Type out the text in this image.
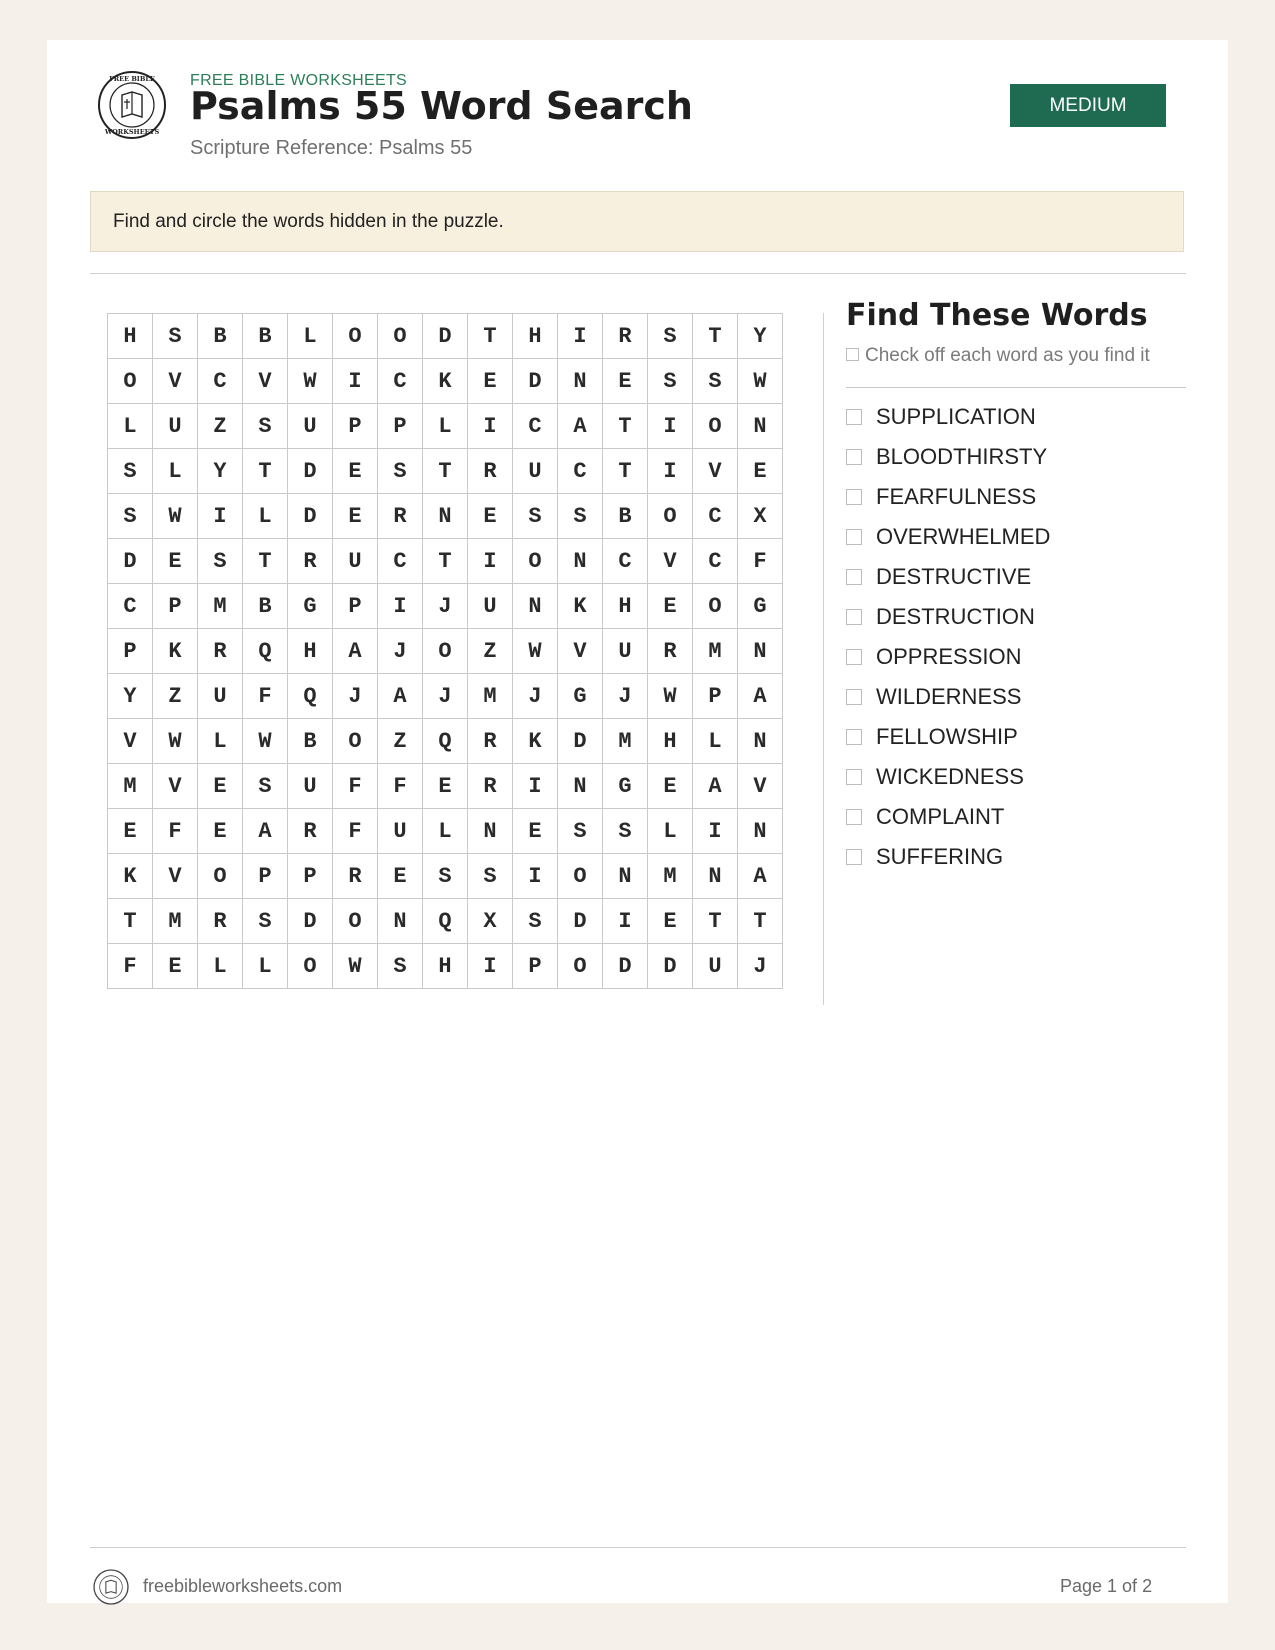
FREE BIBLE
WORKSHEETS
FREE BIBLE WORKSHEETS
Psalms 55 Word Search
Scripture Reference: Psalms 55
MEDIUM
Find and circle the words hidden in the puzzle.
H	S	B	B	L	O	O	D	T	H	I	R	S	T	Y
O	V	C	V	W	I	C	K	E	D	N	E	S	S	W
L	U	Z	S	U	P	P	L	I	C	A	T	I	O	N
S	L	Y	T	D	E	S	T	R	U	C	T	I	V	E
S	W	I	L	D	E	R	N	E	S	S	B	O	C	X
D	E	S	T	R	U	C	T	I	O	N	C	V	C	F
C	P	M	B	G	P	I	J	U	N	K	H	E	O	G
P	K	R	Q	H	A	J	O	Z	W	V	U	R	M	N
Y	Z	U	F	Q	J	A	J	M	J	G	J	W	P	A
V	W	L	W	B	O	Z	Q	R	K	D	M	H	L	N
M	V	E	S	U	F	F	E	R	I	N	G	E	A	V
E	F	E	A	R	F	U	L	N	E	S	S	L	I	N
K	V	O	P	P	R	E	S	S	I	O	N	M	N	A
T	M	R	S	D	O	N	Q	X	S	D	I	E	T	T
F	E	L	L	O	W	S	H	I	P	O	D	D	U	J
Find These Words
Check off each word as you find it
SUPPLICATION
BLOODTHIRSTY
FEARFULNESS
OVERWHELMED
DESTRUCTIVE
DESTRUCTION
OPPRESSION
WILDERNESS
FELLOWSHIP
WICKEDNESS
COMPLAINT
SUFFERING
freebibleworksheets.com	Page 1 of 2
